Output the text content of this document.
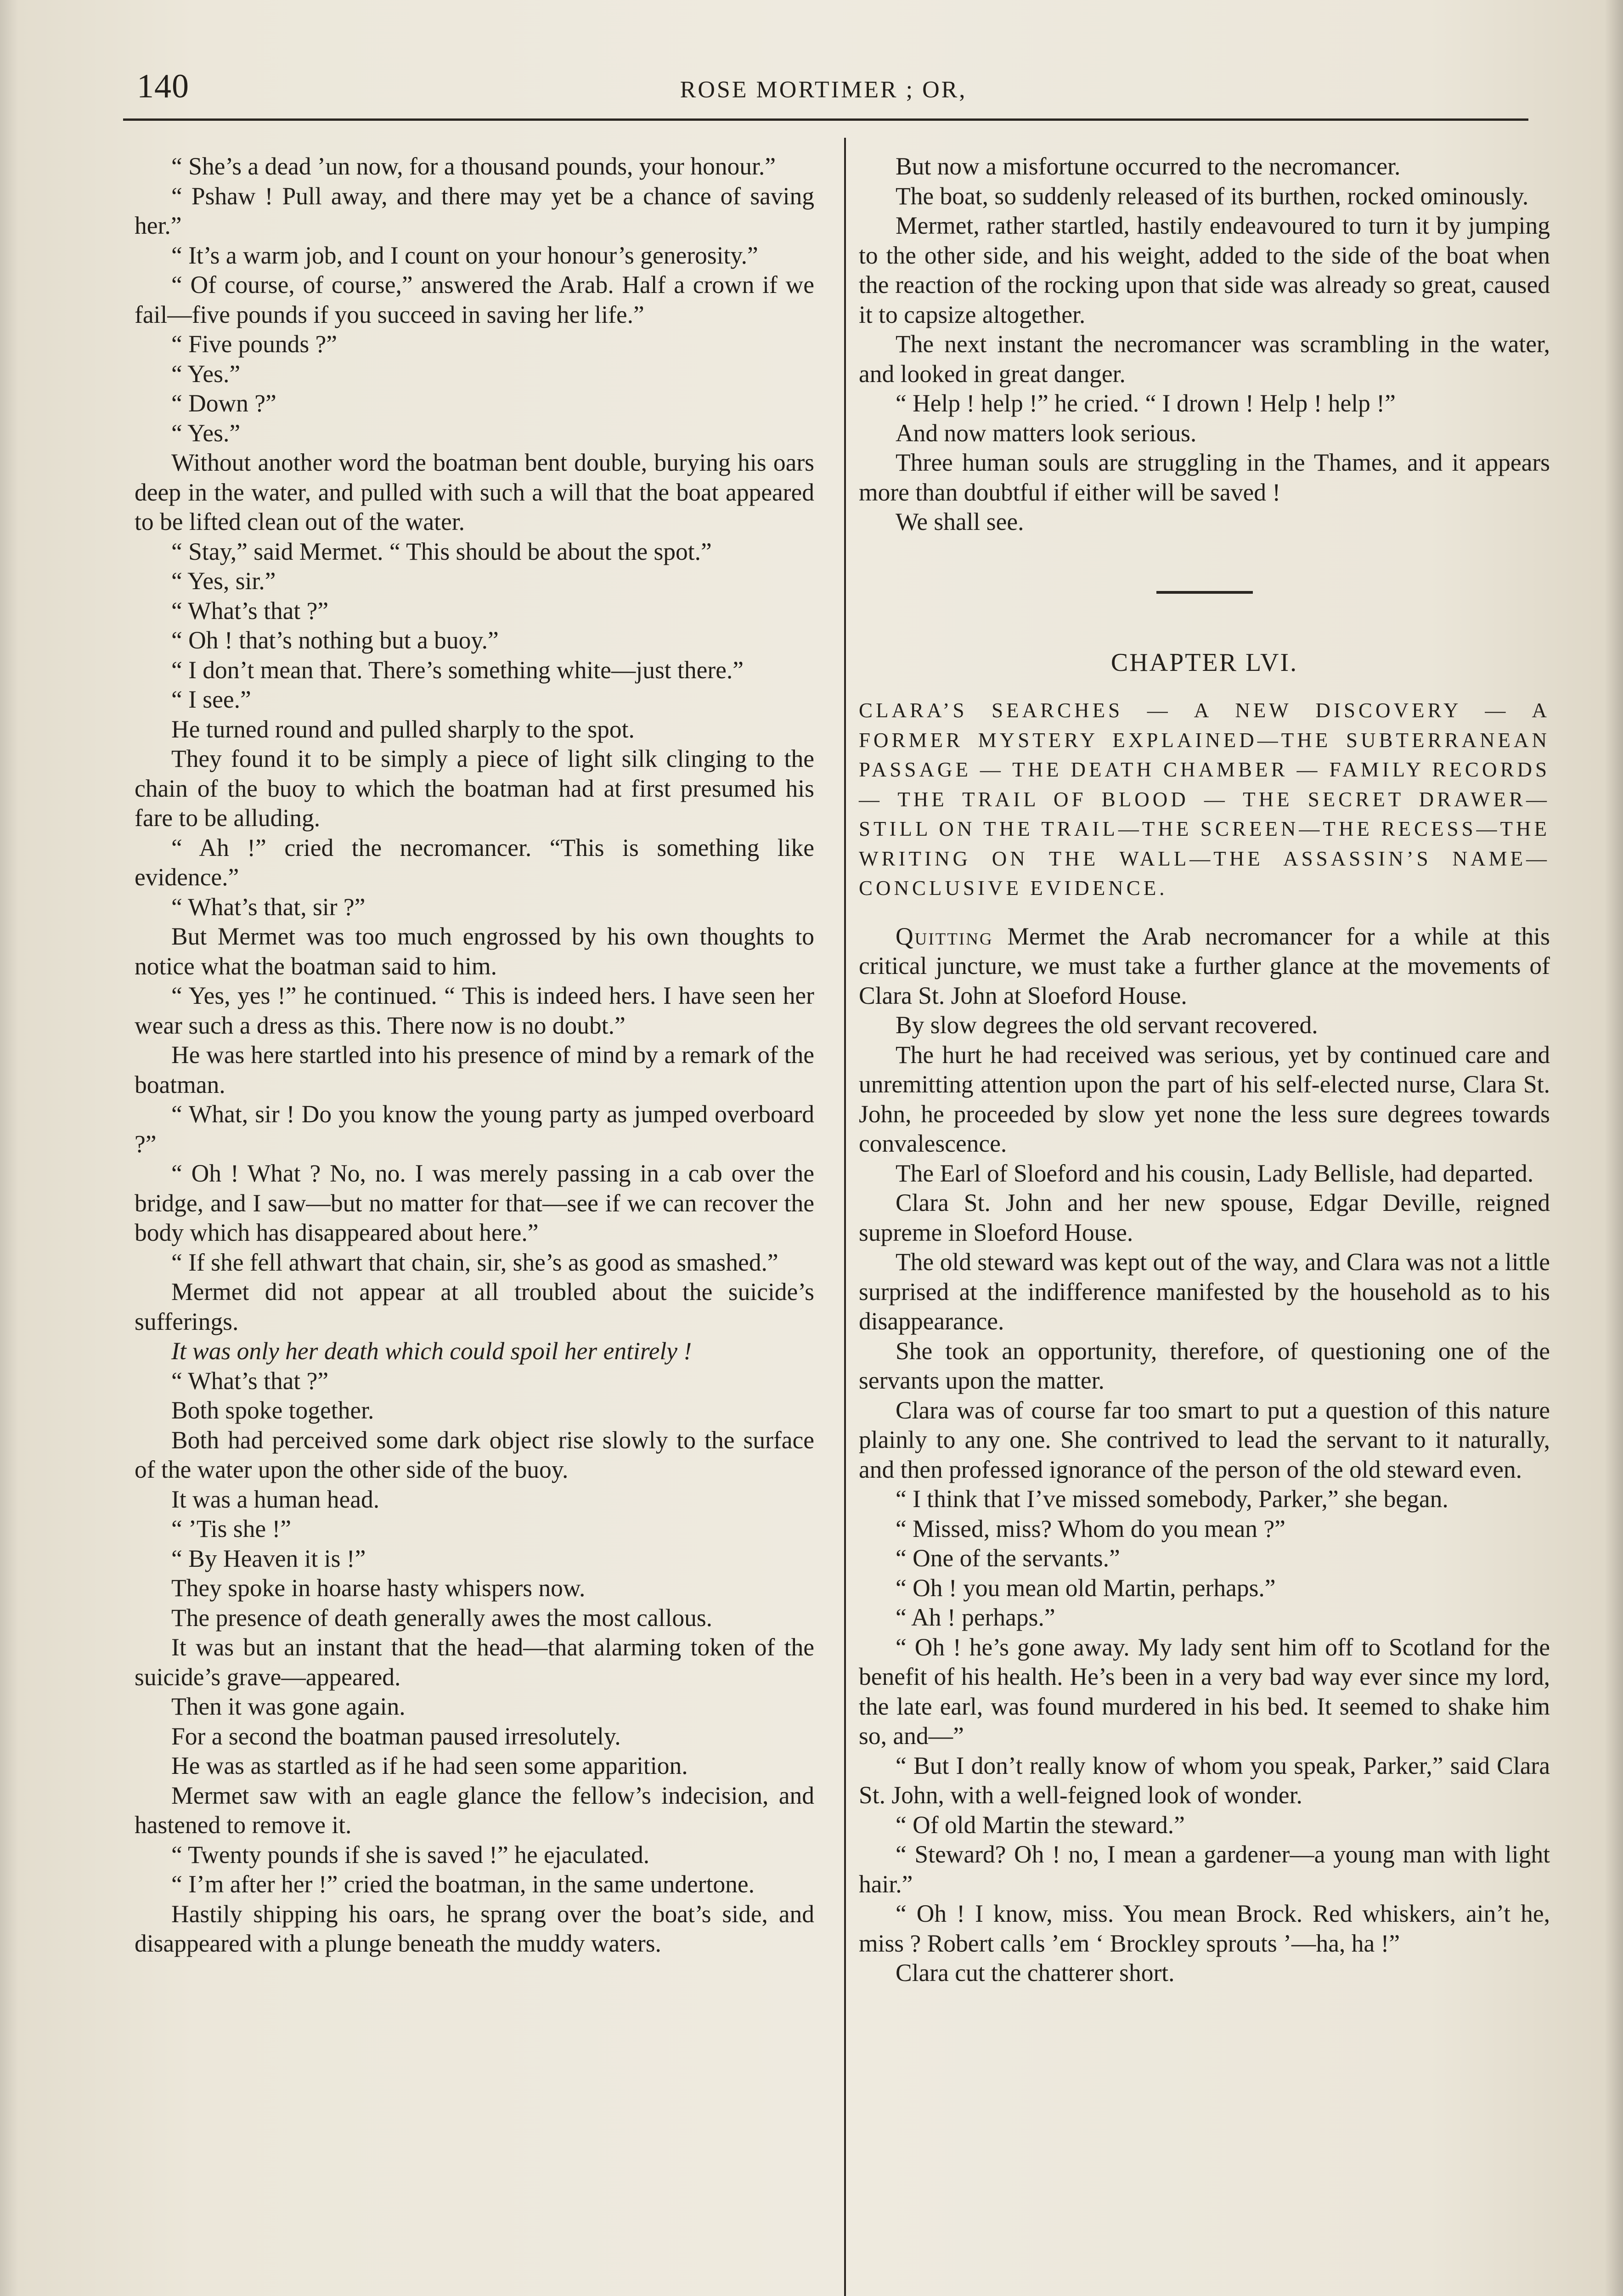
140	ROSE MORTIMER ; OR,

“ She’s a dead ’un now, for a thousand pounds, your honour.”

“ Pshaw ! Pull away, and there may yet be a chance of saving her.”

“ It’s a warm job, and I count on your honour’s generosity.”

“ Of course, of course,” answered the Arab. Half a crown if we fail—five pounds if you succeed in saving her life.”

“ Five pounds ?”

“ Yes.”

“ Down ?”

“ Yes.”

Without another word the boatman bent double, burying his oars deep in the water, and pulled with such a will that the boat appeared to be lifted clean out of the water.

“ Stay,” said Mermet. “ This should be about the spot.”

“ Yes, sir.”

“ What’s that ?”

“ Oh ! that’s nothing but a buoy.”

“ I don’t mean that. There’s something white—just there.”

“ I see.”

He turned round and pulled sharply to the spot.

They found it to be simply a piece of light silk clinging to the chain of the buoy to which the boatman had at first presumed his fare to be alluding.

“ Ah !” cried the necromancer. “This is something like evidence.”

“ What’s that, sir ?”

But Mermet was too much engrossed by his own thoughts to notice what the boatman said to him.

“ Yes, yes !” he continued. “ This is indeed hers. I have seen her wear such a dress as this. There now is no doubt.”

He was here startled into his presence of mind by a remark of the boatman.

“ What, sir ! Do you know the young party as jumped overboard ?”

“ Oh ! What ? No, no. I was merely passing in a cab over the bridge, and I saw—but no matter for that—see if we can recover the body which has disappeared about here.”

“ If she fell athwart that chain, sir, she’s as good as smashed.”

Mermet did not appear at all troubled about the suicide’s sufferings.

It was only her death which could spoil her entirely !

“ What’s that ?”

Both spoke together.

Both had perceived some dark object rise slowly to the surface of the water upon the other side of the buoy.

It was a human head.

“ ’Tis she !”

“ By Heaven it is !”

They spoke in hoarse hasty whispers now.

The presence of death generally awes the most callous.

It was but an instant that the head—that alarming token of the suicide’s grave—appeared.

Then it was gone again.

For a second the boatman paused irresolutely.

He was as startled as if he had seen some apparition.

Mermet saw with an eagle glance the fellow’s indecision, and hastened to remove it.

“ Twenty pounds if she is saved !” he ejaculated.

“ I’m after her !” cried the boatman, in the same undertone.

Hastily shipping his oars, he sprang over the boat’s side, and disappeared with a plunge beneath the muddy waters.

But now a misfortune occurred to the necromancer.

The boat, so suddenly released of its burthen, rocked ominously.

Mermet, rather startled, hastily endeavoured to turn it by jumping to the other side, and his weight, added to the side of the boat when the reaction of the rocking upon that side was already so great, caused it to capsize altogether.

The next instant the necromancer was scrambling in the water, and looked in great danger.

“ Help ! help !” he cried. “ I drown ! Help ! help !”

And now matters look serious.

Three human souls are struggling in the Thames, and it appears more than doubtful if either will be saved !

We shall see.

CHAPTER LVI.

CLARA’S SEARCHES — A NEW DISCOVERY — A FORMER MYSTERY EXPLAINED—THE SUBTERRANEAN PASSAGE — THE DEATH CHAMBER — FAMILY RECORDS — THE TRAIL OF BLOOD — THE SECRET DRAWER—STILL ON THE TRAIL—THE SCREEN—THE RECESS—THE WRITING ON THE WALL—THE ASSASSIN’S NAME—CONCLUSIVE EVIDENCE.

Quitting Mermet the Arab necromancer for a while at this critical juncture, we must take a further glance at the movements of Clara St. John at Sloeford House.

By slow degrees the old servant recovered.

The hurt he had received was serious, yet by continued care and unremitting attention upon the part of his self-elected nurse, Clara St. John, he proceeded by slow yet none the less sure degrees towards convalescence.

The Earl of Sloeford and his cousin, Lady Bellisle, had departed.

Clara St. John and her new spouse, Edgar Deville, reigned supreme in Sloeford House.

The old steward was kept out of the way, and Clara was not a little surprised at the indifference manifested by the household as to his disappearance.

She took an opportunity, therefore, of questioning one of the servants upon the matter.

Clara was of course far too smart to put a question of this nature plainly to any one. She contrived to lead the servant to it naturally, and then professed ignorance of the person of the old steward even.

“ I think that I’ve missed somebody, Parker,” she began.

“ Missed, miss? Whom do you mean ?”

“ One of the servants.”

“ Oh ! you mean old Martin, perhaps.”

“ Ah ! perhaps.”

“ Oh ! he’s gone away. My lady sent him off to Scotland for the benefit of his health. He’s been in a very bad way ever since my lord, the late earl, was found murdered in his bed. It seemed to shake him so, and—”

“ But I don’t really know of whom you speak, Parker,” said Clara St. John, with a well-feigned look of wonder.

“ Of old Martin the steward.”

“ Steward? Oh ! no, I mean a gardener—a young man with light hair.”

“ Oh ! I know, miss. You mean Brock. Red whiskers, ain’t he, miss ? Robert calls ’em ‘ Brockley sprouts ’—ha, ha !”

Clara cut the chatterer short.
